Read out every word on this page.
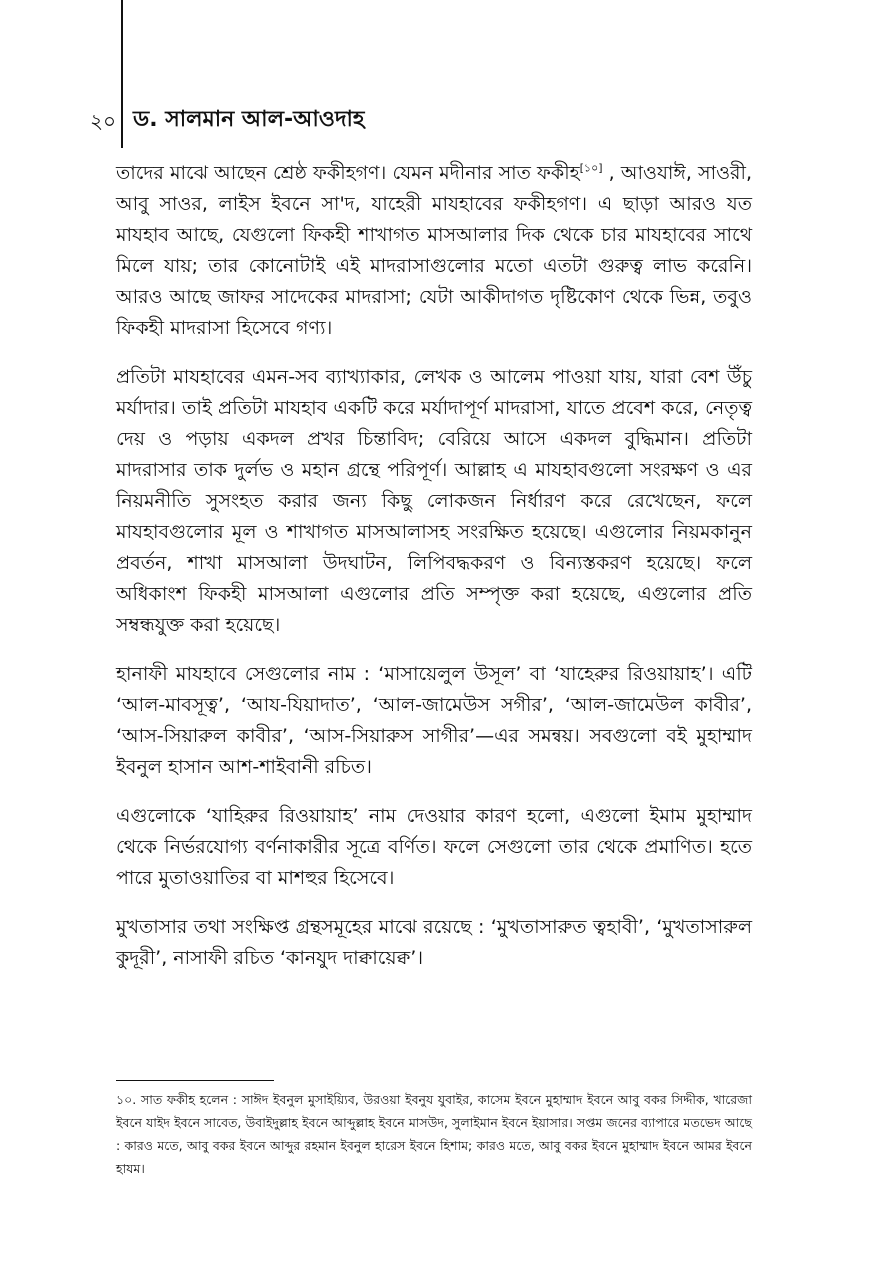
২০ ড. সালমান আল-আওদাহ

তাদের মাঝে আছেন শ্রেষ্ঠ ফকীহগণ। যেমন মদীনার সাত ফকীহ[১০] , আওযাঈ, সাওরী, আবু সাওর, লাইস ইবনে সা'দ, যাহেরী মাযহাবের ফকীহগণ। এ ছাড়া আরও যত মাযহাব আছে, যেগুলো ফিকহী শাখাগত মাসআলার দিক থেকে চার মাযহাবের সাথে মিলে যায়; তার কোনোটাই এই মাদরাসাগুলোর মতো এতটা গুরুত্ব লাভ করেনি। আরও আছে জাফর সাদেকের মাদরাসা; যেটা আকীদাগত দৃষ্টিকোণ থেকে ভিন্ন, তবুও ফিকহী মাদরাসা হিসেবে গণ্য।

প্রতিটা মাযহাবের এমন-সব ব্যাখ্যাকার, লেখক ও আলেম পাওয়া যায়, যারা বেশ উঁচু মর্যাদার। তাই প্রতিটা মাযহাব একটি করে মর্যাদাপূর্ণ মাদরাসা, যাতে প্রবেশ করে, নেতৃত্ব দেয় ও পড়ায় একদল প্রখর চিন্তাবিদ; বেরিয়ে আসে একদল বুদ্ধিমান। প্রতিটা মাদরাসার তাক দুর্লভ ও মহান গ্রন্থে পরিপূর্ণ। আল্লাহ এ মাযহাবগুলো সংরক্ষণ ও এর নিয়মনীতি সুসংহত করার জন্য কিছু লোকজন নির্ধারণ করে রেখেছেন, ফলে মাযহাবগুলোর মূল ও শাখাগত মাসআলাসহ সংরক্ষিত হয়েছে। এগুলোর নিয়মকানুন প্রবর্তন, শাখা মাসআলা উদঘাটন, লিপিবদ্ধকরণ ও বিন্যস্তকরণ হয়েছে। ফলে অধিকাংশ ফিকহী মাসআলা এগুলোর প্রতি সম্পৃক্ত করা হয়েছে, এগুলোর প্রতি সম্বন্ধযুক্ত করা হয়েছে।

হানাফী মাযহাবে সেগুলোর নাম : ‘মাসায়েলুল উসূল’ বা ‘যাহেরুর রিওয়ায়াহ’। এটি ‘আল-মাবসূত্ব’, ‘আয-যিয়াদাত’, ‘আল-জামেউস সগীর’, ‘আল-জামেউল কাবীর’, ‘আস-সিয়ারুল কাবীর’, ‘আস-সিয়ারুস সাগীর’—এর সমন্বয়। সবগুলো বই মুহাম্মাদ ইবনুল হাসান আশ-শাইবানী রচিত।

এগুলোকে ‘যাহিরুর রিওয়ায়াহ’ নাম দেওয়ার কারণ হলো, এগুলো ইমাম মুহাম্মাদ থেকে নির্ভরযোগ্য বর্ণনাকারীর সূত্রে বর্ণিত। ফলে সেগুলো তার থেকে প্রমাণিত। হতে পারে মুতাওয়াতির বা মাশহুর হিসেবে।

মুখতাসার তথা সংক্ষিপ্ত গ্রন্থসমূহের মাঝে রয়েছে : ‘মুখতাসারুত ত্বহাবী’, ‘মুখতাসারুল কুদূরী’, নাসাফী রচিত ‘কানযুদ দাক্বায়েক্ব’।

১০. সাত ফকীহ হলেন : সাঈদ ইবনুল মুসাইয়্যিব, উরওয়া ইবনুয যুবাইর, কাসেম ইবনে মুহাম্মাদ ইবনে আবু বকর সিদ্দীক, খারেজা ইবনে যাইদ ইবনে সাবেত, উবাইদুল্লাহ ইবনে আব্দুল্লাহ ইবনে মাসউদ, সুলাইমান ইবনে ইয়াসার। সপ্তম জনের ব্যাপারে মতভেদ আছে : কারও মতে, আবু বকর ইবনে আব্দুর রহমান ইবনুল হারেস ইবনে হিশাম; কারও মতে, আবু বকর ইবনে মুহাম্মাদ ইবনে আমর ইবনে হাযম।
